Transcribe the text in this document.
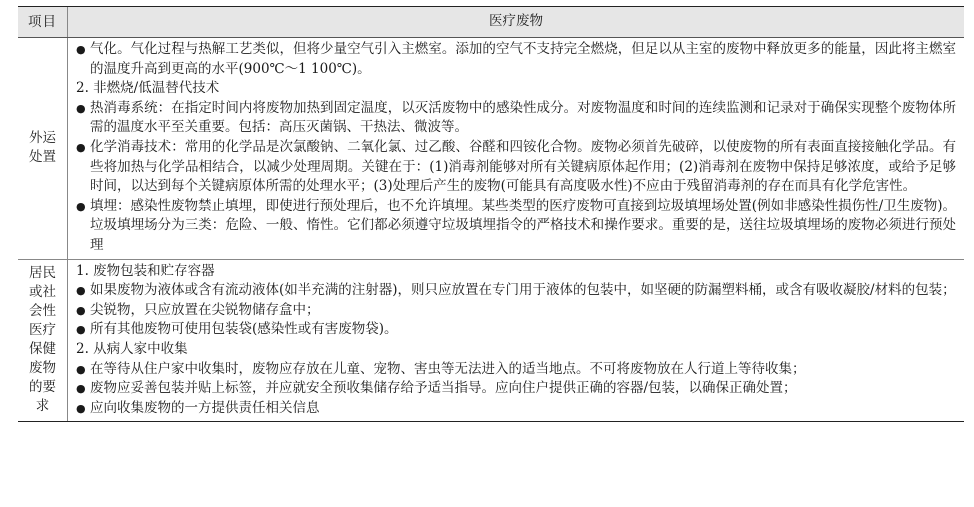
项目	医疗废物
外运处置
● 气化。气化过程与热解工艺类似，但将少量空气引入主燃室。添加的空气不支持完全燃烧，但足以从主室的废物中释放更多的能量，因此将主燃室的温度升高到更高的水平(900℃～1 100℃)。
2. 非燃烧/低温替代技术
● 热消毒系统：在指定时间内将废物加热到固定温度，以灭活废物中的感染性成分。对废物温度和时间的连续监测和记录对于确保实现整个废物体所需的温度水平至关重要。包括：高压灭菌锅、干热法、微波等。
● 化学消毒技术：常用的化学品是次氯酸钠、二氧化氯、过乙酸、谷醛和四铵化合物。废物必须首先破碎，以使废物的所有表面直接接触化学品。有些将加热与化学品相结合，以减少处理周期。关键在于：(1)消毒剂能够对所有关键病原体起作用；(2)消毒剂在废物中保持足够浓度，或给予足够时间，以达到每个关键病原体所需的处理水平；(3)处理后产生的废物(可能具有高度吸水性)不应由于残留消毒剂的存在而具有化学危害性。
● 填埋：感染性废物禁止填埋，即使进行预处理后，也不允许填埋。某些类型的医疗废物可直接到垃圾填埋场处置(例如非感染性损伤性/卫生废物)。垃圾填埋场分为三类：危险、一般、惰性。它们都必须遵守垃圾填埋指令的严格技术和操作要求。重要的是，送往垃圾填埋场的废物必须进行预处理
居民或社会性医疗保健废物的要求
1. 废物包装和贮存容器
● 如果废物为液体或含有流动液体(如半充满的注射器)，则只应放置在专门用于液体的包装中，如坚硬的防漏塑料桶，或含有吸收凝胶/材料的包装；
● 尖锐物，只应放置在尖锐物储存盒中；
● 所有其他废物可使用包装袋(感染性或有害废物袋)。
2. 从病人家中收集
● 在等待从住户家中收集时，废物应存放在儿童、宠物、害虫等无法进入的适当地点。不可将废物放在人行道上等待收集；
● 废物应妥善包装并贴上标签，并应就安全预收集储存给予适当指导。应向住户提供正确的容器/包装，以确保正确处置；
● 应向收集废物的一方提供责任相关信息
